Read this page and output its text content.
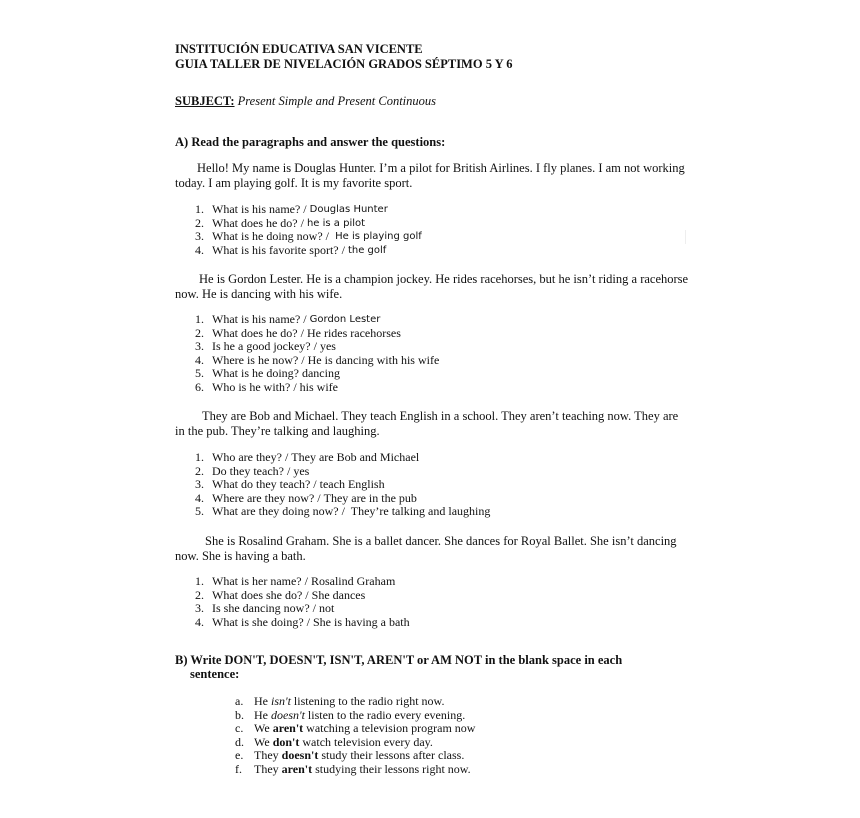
INSTITUCIÓN EDUCATIVA SAN VICENTE
GUIA TALLER DE NIVELACIÓN GRADOS SÉPTIMO 5 Y 6
SUBJECT: Present Simple and Present Continuous
A) Read the paragraphs and answer the questions:
Hello! My name is Douglas Hunter. I’m a pilot for British Airlines. I fly planes. I am not working today. I am playing golf. It is my favorite sport.
1. What is his name? / Douglas Hunter
2. What does he do? / he is a pilot
3. What is he doing now? / He is playing golf
4. What is his favorite sport? / the golf
He is Gordon Lester. He is a champion jockey. He rides racehorses, but he isn’t riding a racehorse now. He is dancing with his wife.
1. What is his name? / Gordon Lester
2. What does he do? / He rides racehorses
3. Is he a good jockey? / yes
4. Where is he now? / He is dancing with his wife
5. What is he doing? dancing
6. Who is he with? / his wife
They are Bob and Michael. They teach English in a school. They aren’t teaching now. They are in the pub. They’re talking and laughing.
1. Who are they? / They are Bob and Michael
2. Do they teach? / yes
3. What do they teach? / teach English
4. Where are they now? / They are in the pub
5. What are they doing now? / They’re talking and laughing
She is Rosalind Graham. She is a ballet dancer. She dances for Royal Ballet. She isn’t dancing now. She is having a bath.
1. What is her name? / Rosalind Graham
2. What does she do? / She dances
3. Is she dancing now? / not
4. What is she doing? / She is having a bath
B) Write DON'T, DOESN'T, ISN'T, AREN'T or AM NOT in the blank space in each
sentence:
a. He isn't listening to the radio right now.
b. He doesn't listen to the radio every evening.
c. We aren't watching a television program now
d. We don't watch television every day.
e. They doesn't study their lessons after class.
f.	They aren't studying their lessons right now.
